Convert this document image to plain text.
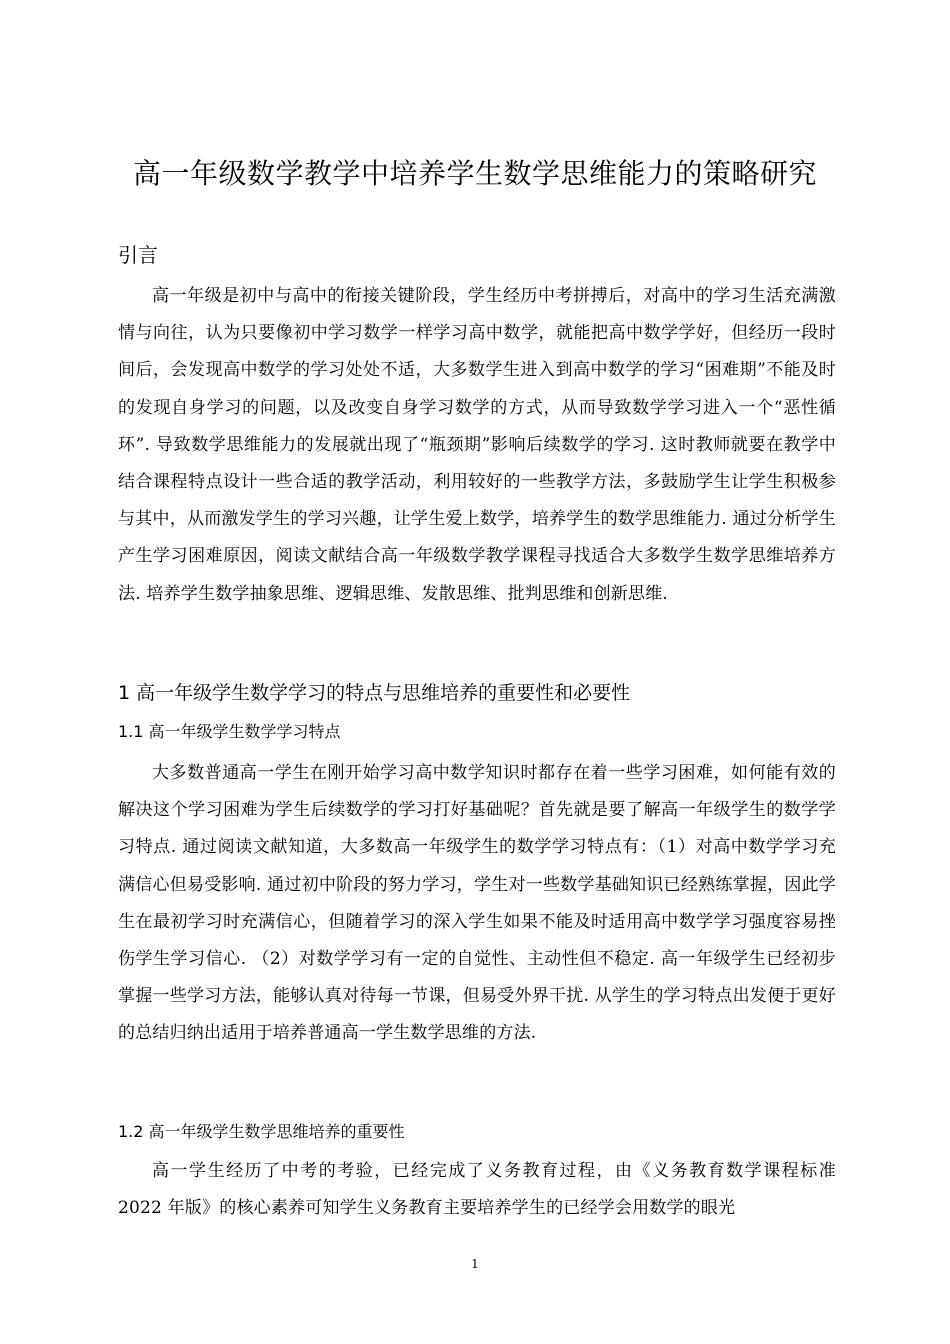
高一年级数学教学中培养学生数学思维能力的策略研究
引言

高一年级是初中与高中的衔接关键阶段，学生经历中考拼搏后，对高中的学习生活充满激情与向往，认为只要像初中学习数学一样学习高中数学，就能把高中数学学好，但经历一段时间后，会发现高中数学的学习处处不适，大多数学生进入到高中数学的学习“困难期”不能及时的发现自身学习的问题，以及改变自身学习数学的方式，从而导致数学学习进入一个“恶性循环”. 导致数学思维能力的发展就出现了“瓶颈期”影响后续数学的学习. 这时教师就要在教学中结合课程特点设计一些合适的教学活动，利用较好的一些教学方法，多鼓励学生让学生积极参与其中，从而激发学生的学习兴趣，让学生爱上数学，培养学生的数学思维能力. 通过分析学生产生学习困难原因，阅读文献结合高一年级数学教学课程寻找适合大多数学生数学思维培养方法. 培养学生数学抽象思维、逻辑思维、发散思维、批判思维和创新思维.

1 高一年级学生数学学习的特点与思维培养的重要性和必要性
1.1 高一年级学生数学学习特点

大多数普通高一学生在刚开始学习高中数学知识时都存在着一些学习困难，如何能有效的解决这个学习困难为学生后续数学的学习打好基础呢？首先就是要了解高一年级学生的数学学习特点. 通过阅读文献知道，大多数高一年级学生的数学学习特点有：（1）对高中数学学习充满信心但易受影响. 通过初中阶段的努力学习，学生对一些数学基础知识已经熟练掌握，因此学生在最初学习时充满信心，但随着学习的深入学生如果不能及时适用高中数学学习强度容易挫伤学生学习信心. （2）对数学学习有一定的自觉性、主动性但不稳定. 高一年级学生已经初步掌握一些学习方法，能够认真对待每一节课，但易受外界干扰. 从学生的学习特点出发便于更好的总结归纳出适用于培养普通高一学生数学思维的方法.

1.2 高一年级学生数学思维培养的重要性

高一学生经历了中考的考验，已经完成了义务教育过程，由《义务教育数学课程标准 2022 年版》的核心素养可知学生义务教育主要培养学生的已经学会用数学的眼光

1
